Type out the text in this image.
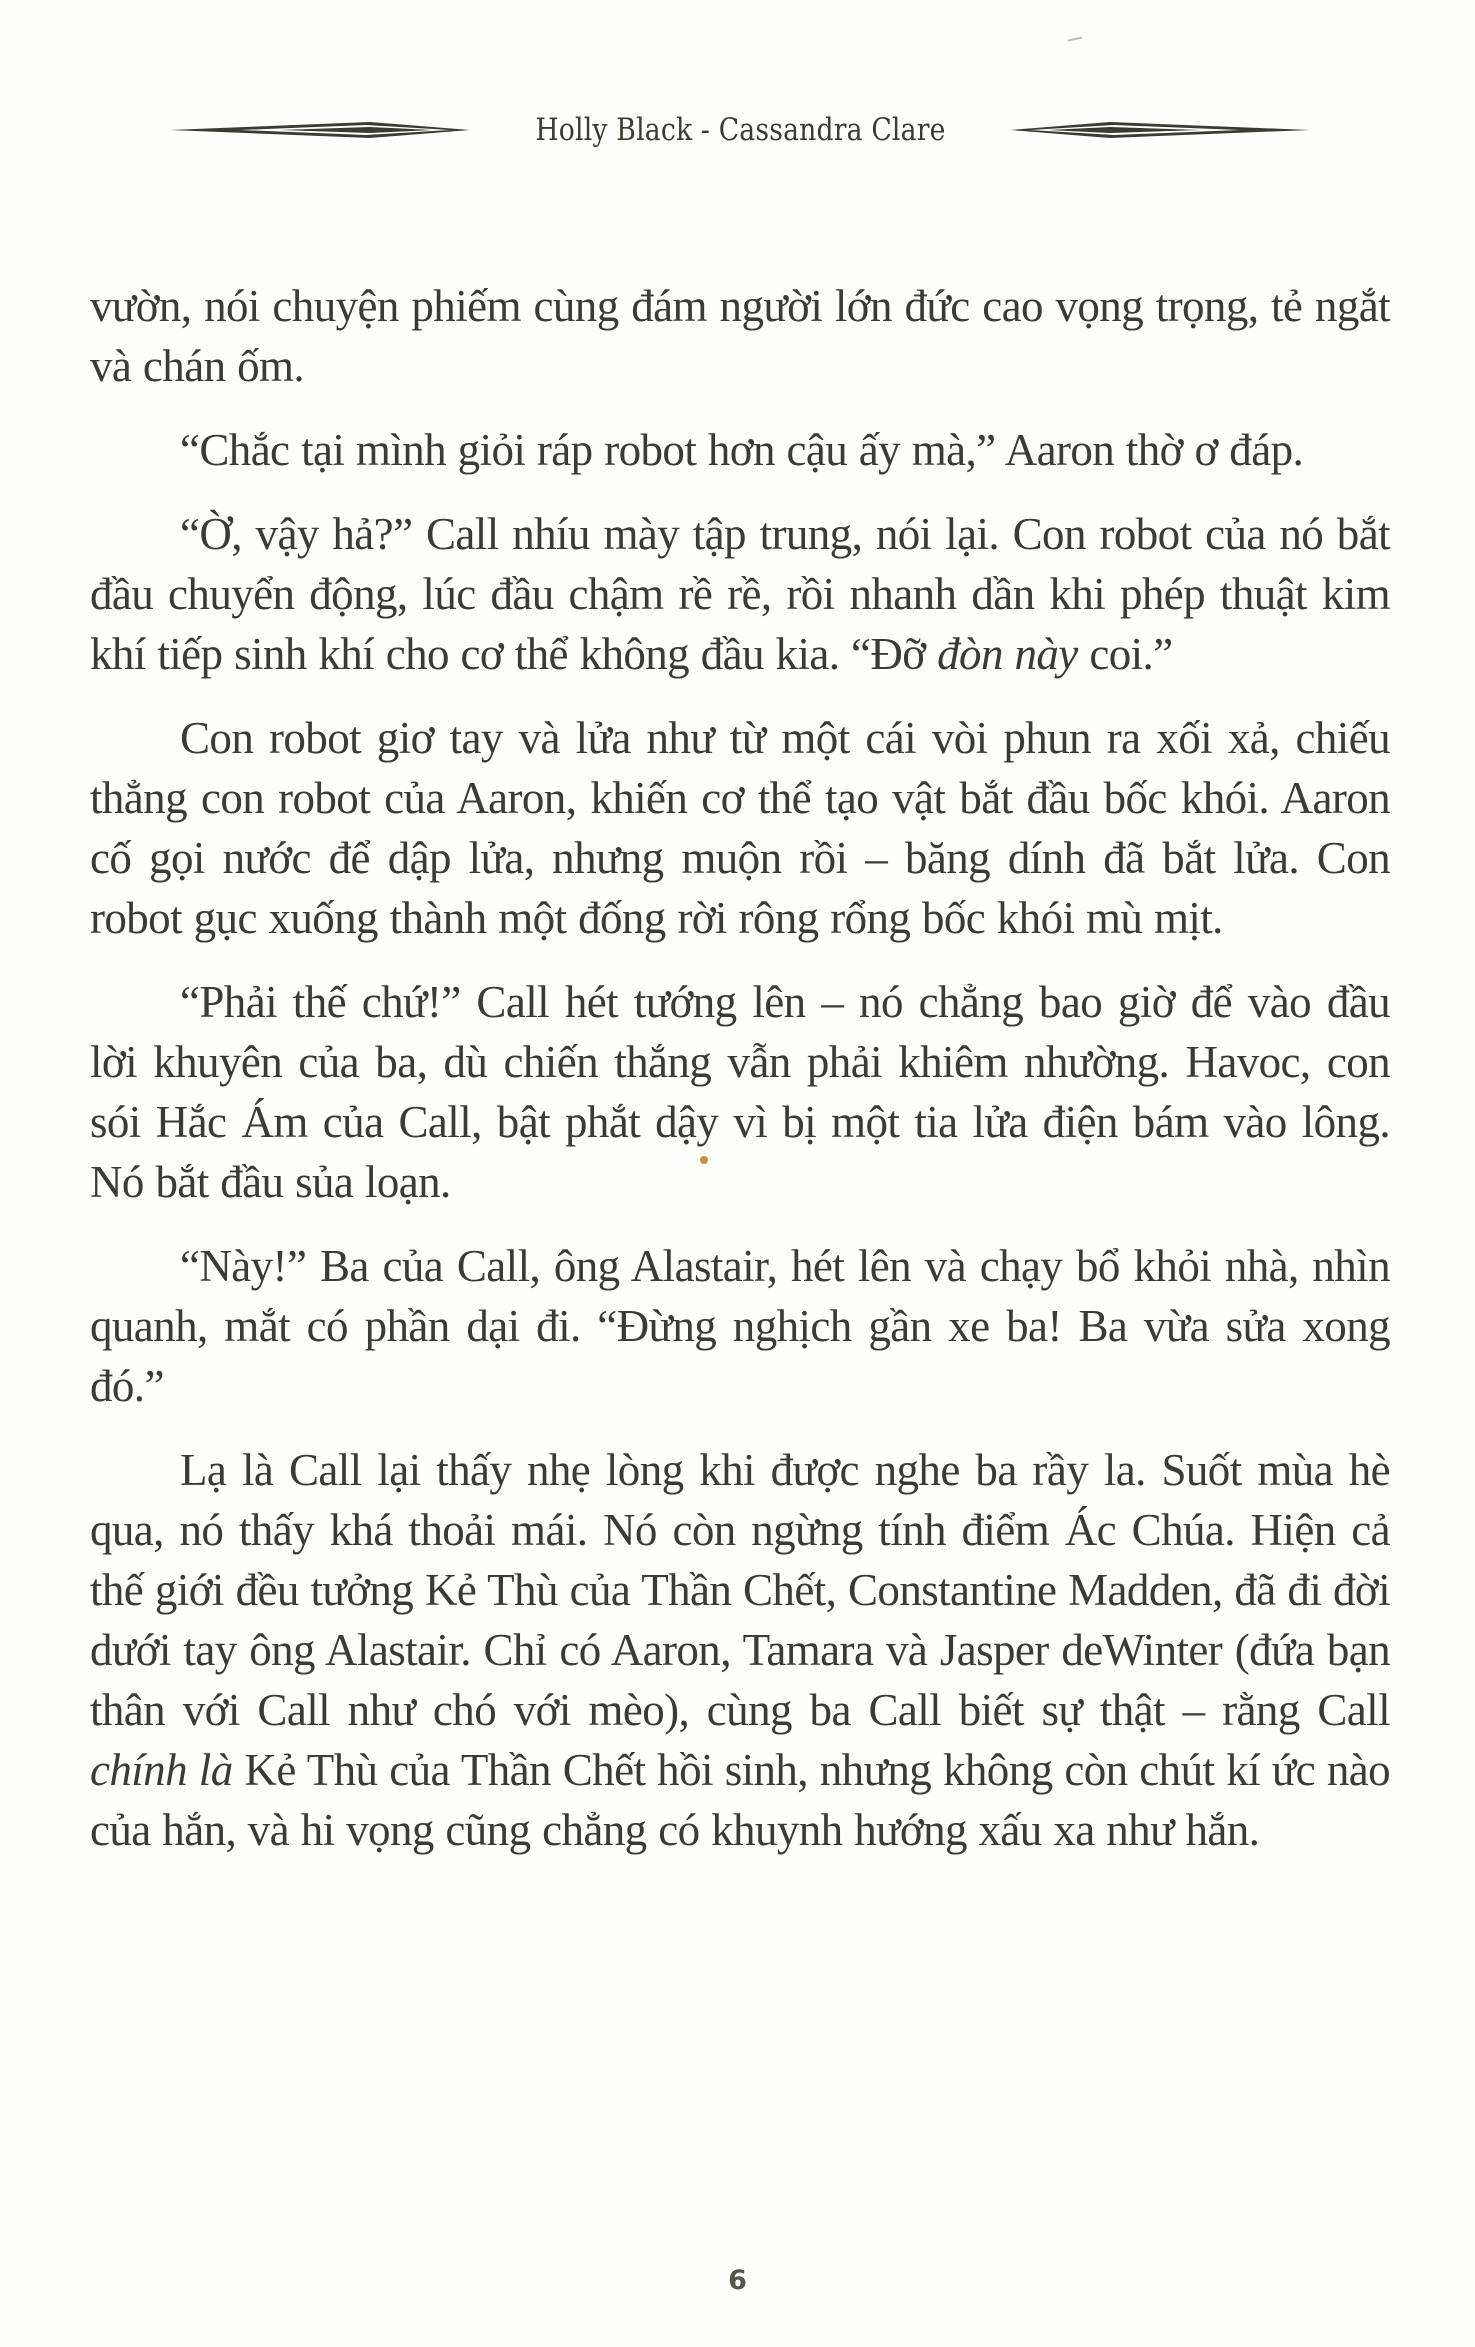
Holly Black - Cassandra Clare

vườn, nói chuyện phiếm cùng đám người lớn đức cao vọng trọng, tẻ ngắt và chán ốm.

“Chắc tại mình giỏi ráp robot hơn cậu ấy mà,” Aaron thờ ơ đáp.

“Ờ, vậy hả?” Call nhíu mày tập trung, nói lại. Con robot của nó bắt đầu chuyển động, lúc đầu chậm rề rề, rồi nhanh dần khi phép thuật kim khí tiếp sinh khí cho cơ thể không đầu kia. “Đỡ đòn này coi.”

Con robot giơ tay và lửa như từ một cái vòi phun ra xối xả, chiếu thẳng con robot của Aaron, khiến cơ thể tạo vật bắt đầu bốc khói. Aaron cố gọi nước để dập lửa, nhưng muộn rồi – băng dính đã bắt lửa. Con robot gục xuống thành một đống rời rông rổng bốc khói mù mịt.

“Phải thế chứ!” Call hét tướng lên – nó chẳng bao giờ để vào đầu lời khuyên của ba, dù chiến thắng vẫn phải khiêm nhường. Havoc, con sói Hắc Ám của Call, bật phắt dậy vì bị một tia lửa điện bám vào lông. Nó bắt đầu sủa loạn.

“Này!” Ba của Call, ông Alastair, hét lên và chạy bổ khỏi nhà, nhìn quanh, mắt có phần dại đi. “Đừng nghịch gần xe ba! Ba vừa sửa xong đó.”

Lạ là Call lại thấy nhẹ lòng khi được nghe ba rầy la. Suốt mùa hè qua, nó thấy khá thoải mái. Nó còn ngừng tính điểm Ác Chúa. Hiện cả thế giới đều tưởng Kẻ Thù của Thần Chết, Constantine Madden, đã đi đời dưới tay ông Alastair. Chỉ có Aaron, Tamara và Jasper deWinter (đứa bạn thân với Call như chó với mèo), cùng ba Call biết sự thật – rằng Call chính là Kẻ Thù của Thần Chết hồi sinh, nhưng không còn chút kí ức nào của hắn, và hi vọng cũng chẳng có khuynh hướng xấu xa như hắn.

6
